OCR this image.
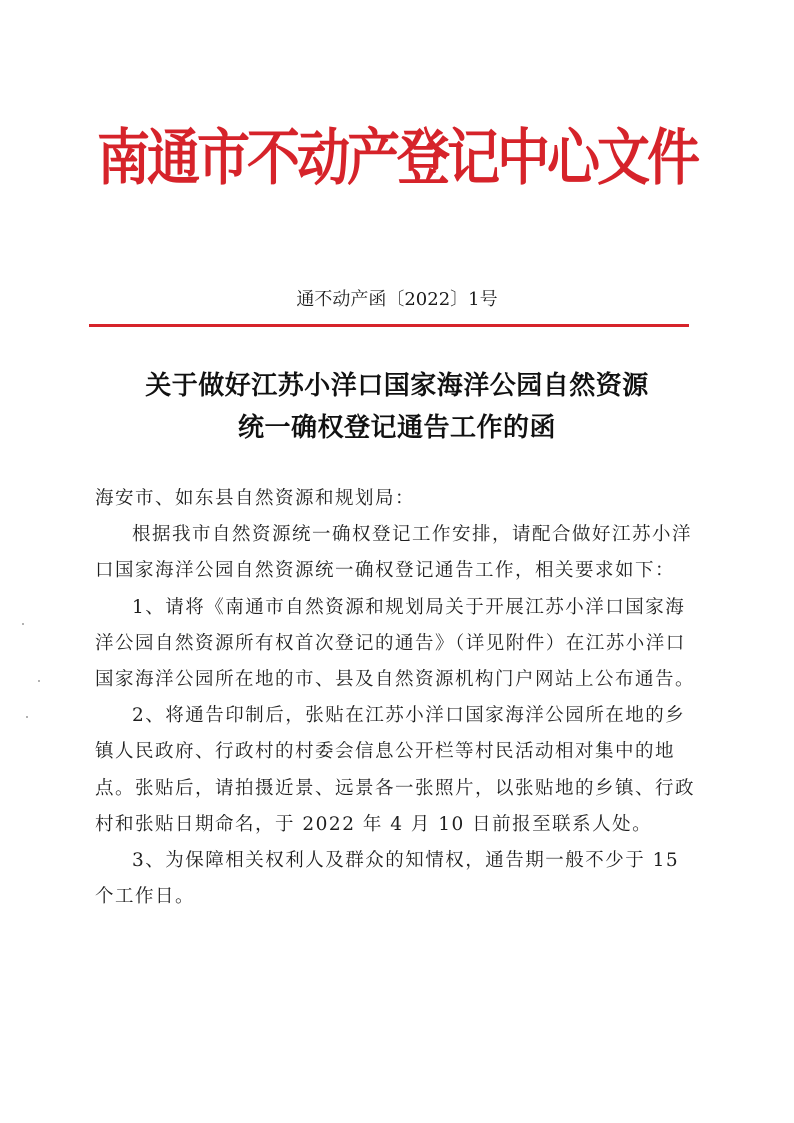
南通市不动产登记中心文件
通不动产函〔2022〕1号
关于做好江苏小洋口国家海洋公园自然资源
统一确权登记通告工作的函

海安市、如东县自然资源和规划局：

根据我市自然资源统一确权登记工作安排，请配合做好江苏小洋口国家海洋公园自然资源统一确权登记通告工作，相关要求如下：

1、请将《南通市自然资源和规划局关于开展江苏小洋口国家海洋公园自然资源所有权首次登记的通告》（详见附件）在江苏小洋口国家海洋公园所在地的市、县及自然资源机构门户网站上公布通告。

2、将通告印制后，张贴在江苏小洋口国家海洋公园所在地的乡镇人民政府、行政村的村委会信息公开栏等村民活动相对集中的地点。张贴后，请拍摄近景、远景各一张照片，以张贴地的乡镇、行政村和张贴日期命名，于 2022 年 4 月 10 日前报至联系人处。

3、为保障相关权利人及群众的知情权，通告期一般不少于 15 个工作日。
